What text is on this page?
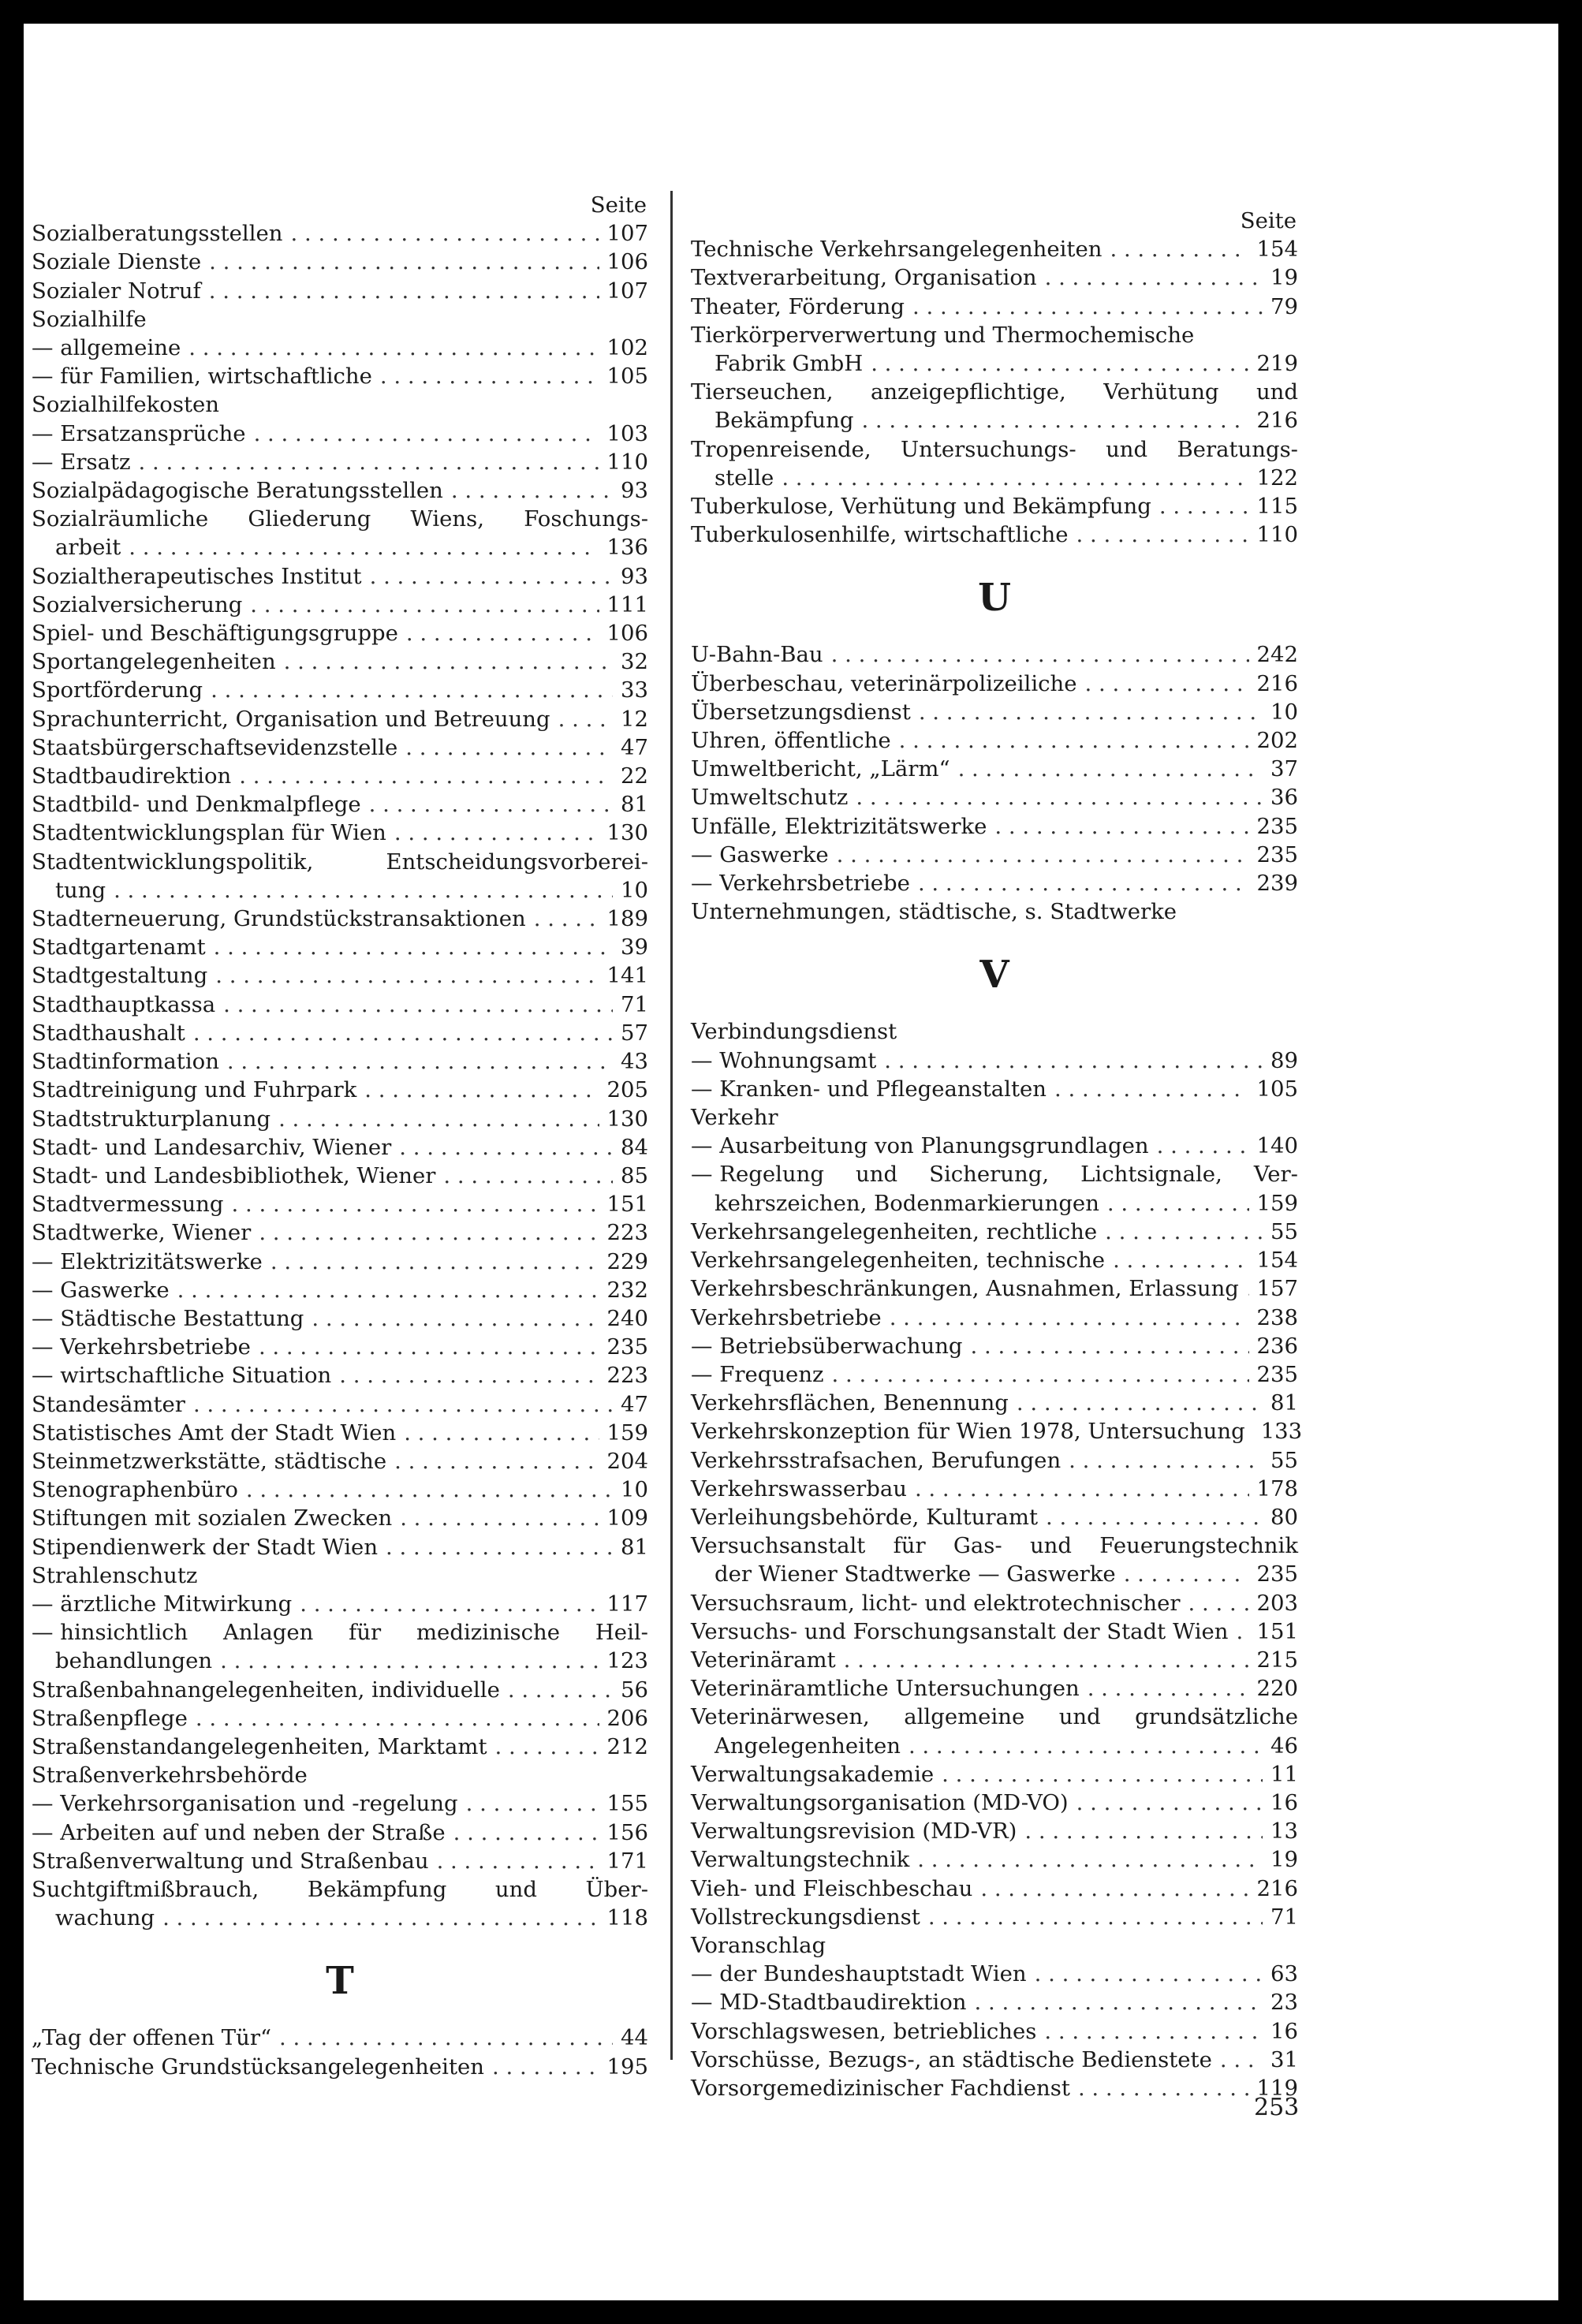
Seite
Sozialberatungsstellen . . .	107
Soziale Dienste . . .	106
Sozialer Notruf . . .	107
Sozialhilfe
— allgemeine . . .	102
— für Familien, wirtschaftliche . . .	105
Sozialhilfekosten
— Ersatzansprüche . . .	103
— Ersatz . . .	110
Sozialpädagogische Beratungsstellen . . .	93
Sozialräumliche Gliederung Wiens, Foschungs-
arbeit . . .	136
Sozialtherapeutisches Institut . . .	93
Sozialversicherung . . .	111
Spiel- und Beschäftigungsgruppe . . .	106
Sportangelegenheiten . . .	32
Sportförderung . . .	33
Sprachunterricht, Organisation und Betreuung . . .	12
Staatsbürgerschaftsevidenzstelle . . .	47
Stadtbaudirektion . . .	22
Stadtbild- und Denkmalpflege . . .	81
Stadtentwicklungsplan für Wien . . .	130
Stadtentwicklungspolitik,	Entscheidungsvorberei-
tung . . .	10
Stadterneuerung, Grundstückstransaktionen . . .	189
Stadtgartenamt . . .	39
Stadtgestaltung . . .	141
Stadthauptkassa . . .	71
Stadthaushalt . . .	57
Stadtinformation . . .	43
Stadtreinigung und Fuhrpark . . .	205
Stadtstrukturplanung . . .	130
Stadt- und Landesarchiv, Wiener . . .	84
Stadt- und Landesbibliothek, Wiener . . .	85
Stadtvermessung . . .	151
Stadtwerke, Wiener . . .	223
— Elektrizitätswerke . . .	229
— Gaswerke . . .	232
— Städtische Bestattung . . .	240
— Verkehrsbetriebe . . .	235
— wirtschaftliche Situation . . .	223
Standesämter . . .	47
Statistisches Amt der Stadt Wien . . .	159
Steinmetzwerkstätte, städtische . . .	204
Stenographenbüro . . .	10
Stiftungen mit sozialen Zwecken . . .	109
Stipendienwerk der Stadt Wien . . .	81
Strahlenschutz
— ärztliche Mitwirkung . . .	117
— hinsichtlich Anlagen für medizinische Heil-
behandlungen . . .	123
Straßenbahnangelegenheiten, individuelle . . .	56
Straßenpflege . . .	206
Straßenstandangelegenheiten, Marktamt . . .	212
Straßenverkehrsbehörde
— Verkehrsorganisation und -regelung . . .	155
— Arbeiten auf und neben der Straße . . .	156
Straßenverwaltung und Straßenbau . . .	171
Suchtgiftmißbrauch, Bekämpfung und Über-
wachung . . .	118
T
„Tag der offenen Tür“ . . .	44
Technische Grundstücksangelegenheiten . . .	195
Seite
Technische Verkehrsangelegenheiten . . .	154
Textverarbeitung, Organisation . . .	19
Theater, Förderung . . .	79
Tierkörperverwertung und Thermochemische
Fabrik GmbH . . .	219
Tierseuchen, anzeigepflichtige, Verhütung und
Bekämpfung . . .	216
Tropenreisende, Untersuchungs- und Beratungs-
stelle . . .	122
Tuberkulose, Verhütung und Bekämpfung . . .	115
Tuberkulosenhilfe, wirtschaftliche . . .	110
U
U-Bahn-Bau . . .	242
Überbeschau, veterinärpolizeiliche . . .	216
Übersetzungsdienst . . .	10
Uhren, öffentliche . . .	202
Umweltbericht, „Lärm“ . . .	37
Umweltschutz . . .	36
Unfälle, Elektrizitätswerke . . .	235
— Gaswerke . . .	235
— Verkehrsbetriebe . . .	239
Unternehmungen, städtische, s. Stadtwerke
V
Verbindungsdienst
— Wohnungsamt . . .	89
— Kranken- und Pflegeanstalten . . .	105
Verkehr
— Ausarbeitung von Planungsgrundlagen . . .	140
— Regelung und Sicherung, Lichtsignale, Ver-
kehrszeichen, Bodenmarkierungen . . .	159
Verkehrsangelegenheiten, rechtliche . . .	55
Verkehrsangelegenheiten, technische . . .	154
Verkehrsbeschränkungen, Ausnahmen, Erlassung . . . 157
Verkehrsbetriebe . . .	238
— Betriebsüberwachung . . .	236
— Frequenz . . .	235
Verkehrsflächen, Benennung . . .	81
Verkehrskonzeption für Wien 1978, Untersuchung 133
Verkehrsstrafsachen, Berufungen . . .	55
Verkehrswasserbau . . .	178
Verleihungsbehörde, Kulturamt . . .	80
Versuchsanstalt für Gas- und Feuerungstechnik
der Wiener Stadtwerke — Gaswerke . . .	235
Versuchsraum, licht- und elektrotechnischer . . .	203
Versuchs- und Forschungsanstalt der Stadt Wien . . . 151
Veterinäramt . . .	215
Veterinäramtliche Untersuchungen . . .	220
Veterinärwesen, allgemeine und grundsätzliche
Angelegenheiten . . .	46
Verwaltungsakademie . . .	11
Verwaltungsorganisation (MD-VO) . . .	16
Verwaltungsrevision (MD-VR) . . .	13
Verwaltungstechnik . . .	19
Vieh- und Fleischbeschau . . .	216
Vollstreckungsdienst . . .	71
Voranschlag
— der Bundeshauptstadt Wien . . .	63
— MD-Stadtbaudirektion . . .	23
Vorschlagswesen, betriebliches . . .	16
Vorschüsse, Bezugs-, an städtische Bedienstete . . .	31
Vorsorgemedizinischer Fachdienst . . .	119
253
